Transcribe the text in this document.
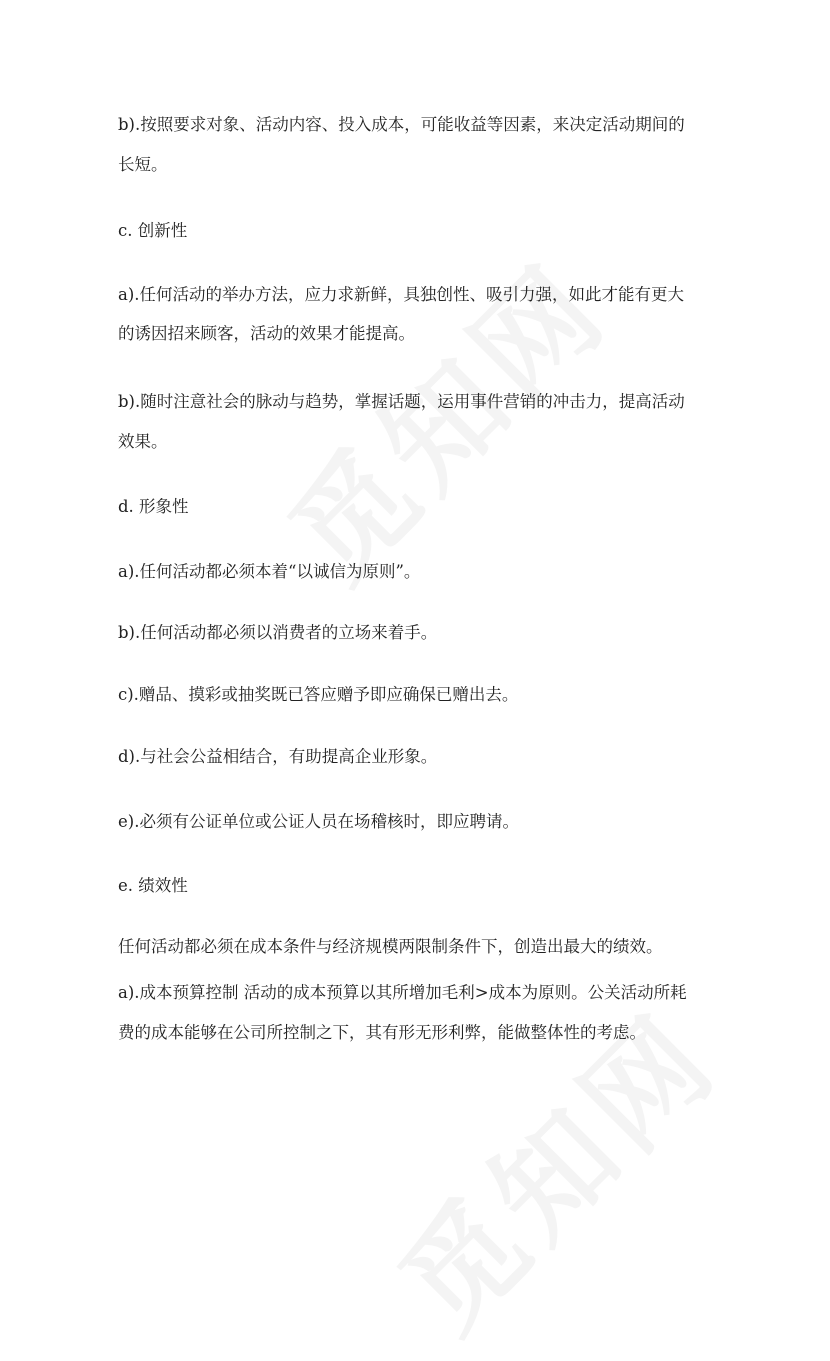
b).按照要求对象、活动内容、投入成本，可能收益等因素，来决定活动期间的
长短。
c. 创新性
a).任何活动的举办方法，应力求新鲜，具独创性、吸引力强，如此才能有更大
的诱因招来顾客，活动的效果才能提高。
b).随时注意社会的脉动与趋势，掌握话题，运用事件营销的冲击力，提高活动
效果。
d. 形象性
a).任何活动都必须本着“以诚信为原则”。
b).任何活动都必须以消费者的立场来着手。
c).赠品、摸彩或抽奖既已答应赠予即应确保已赠出去。
d).与社会公益相结合，有助提高企业形象。
e).必须有公证单位或公证人员在场稽核时，即应聘请。
e. 绩效性
任何活动都必须在成本条件与经济规模两限制条件下，创造出最大的绩效。
a).成本预算控制 活动的成本预算以其所增加毛利>成本为原则。公关活动所耗
费的成本能够在公司所控制之下，其有形无形利弊，能做整体性的考虑。
